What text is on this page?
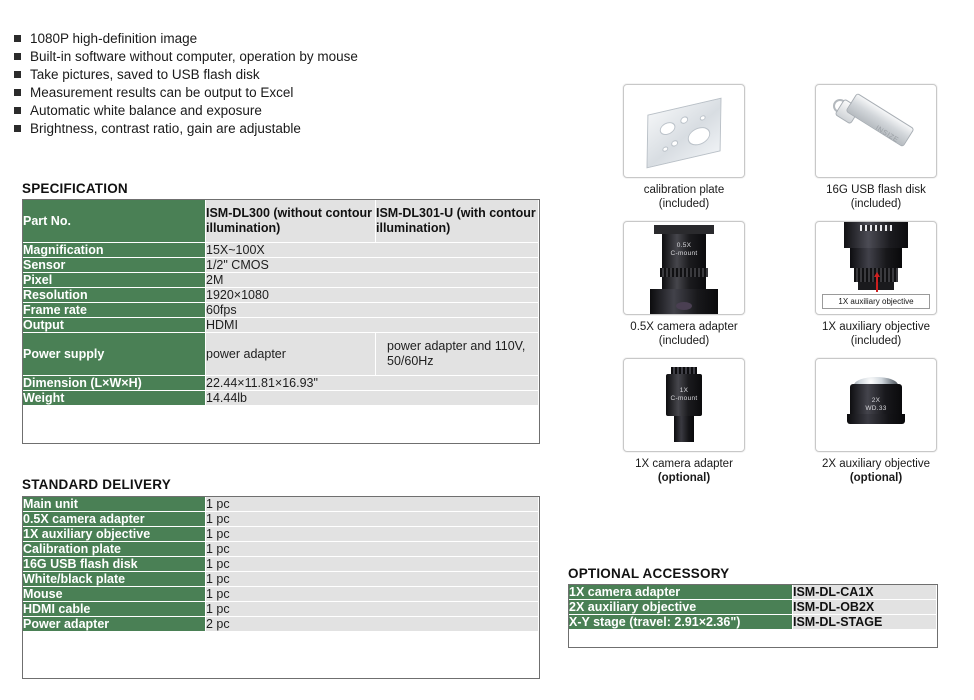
1080P high-definition image
Built-in software without computer, operation by mouse
Take pictures, saved to USB flash disk
Measurement results can be output to Excel
Automatic white balance and exposure
Brightness, contrast ratio, gain are adjustable
SPECIFICATION
Part No.	ISM-DL300 (without contour illumination)	ISM-DL301-U (with contour illumination)
Magnification	15X~100X	
Sensor	1/2" CMOS	
Pixel	2M	
Resolution	1920×1080	
Frame rate	60fps	
Output	HDMI	
Power supply	power adapter	power adapter and 110V, 50/60Hz
Dimension (L×W×H)	22.44×11.81×16.93"	
Weight	14.44lb	
STANDARD DELIVERY
Main unit	1 pc
0.5X camera adapter	1 pc
1X auxiliary objective	1 pc
Calibration plate	1 pc
16G USB flash disk	1 pc
White/black plate	1 pc
Mouse	1 pc
HDMI cable	1 pc
Power adapter	2 pc
OPTIONAL ACCESSORY
1X camera adapter	ISM-DL-CA1X
2X auxiliary objective	ISM-DL-OB2X
X-Y stage (travel: 2.91×2.36")	ISM-DL-STAGE
calibration plate
(included)
INSIZE
16G USB flash disk
(included)
0.5X
C-mount
0.5X camera adapter
(included)
1X auxiliary objective
1X auxiliary objective
(included)
1X
C-mount
1X camera adapter
(optional)
2X
WD.33
2X auxiliary objective
(optional)
